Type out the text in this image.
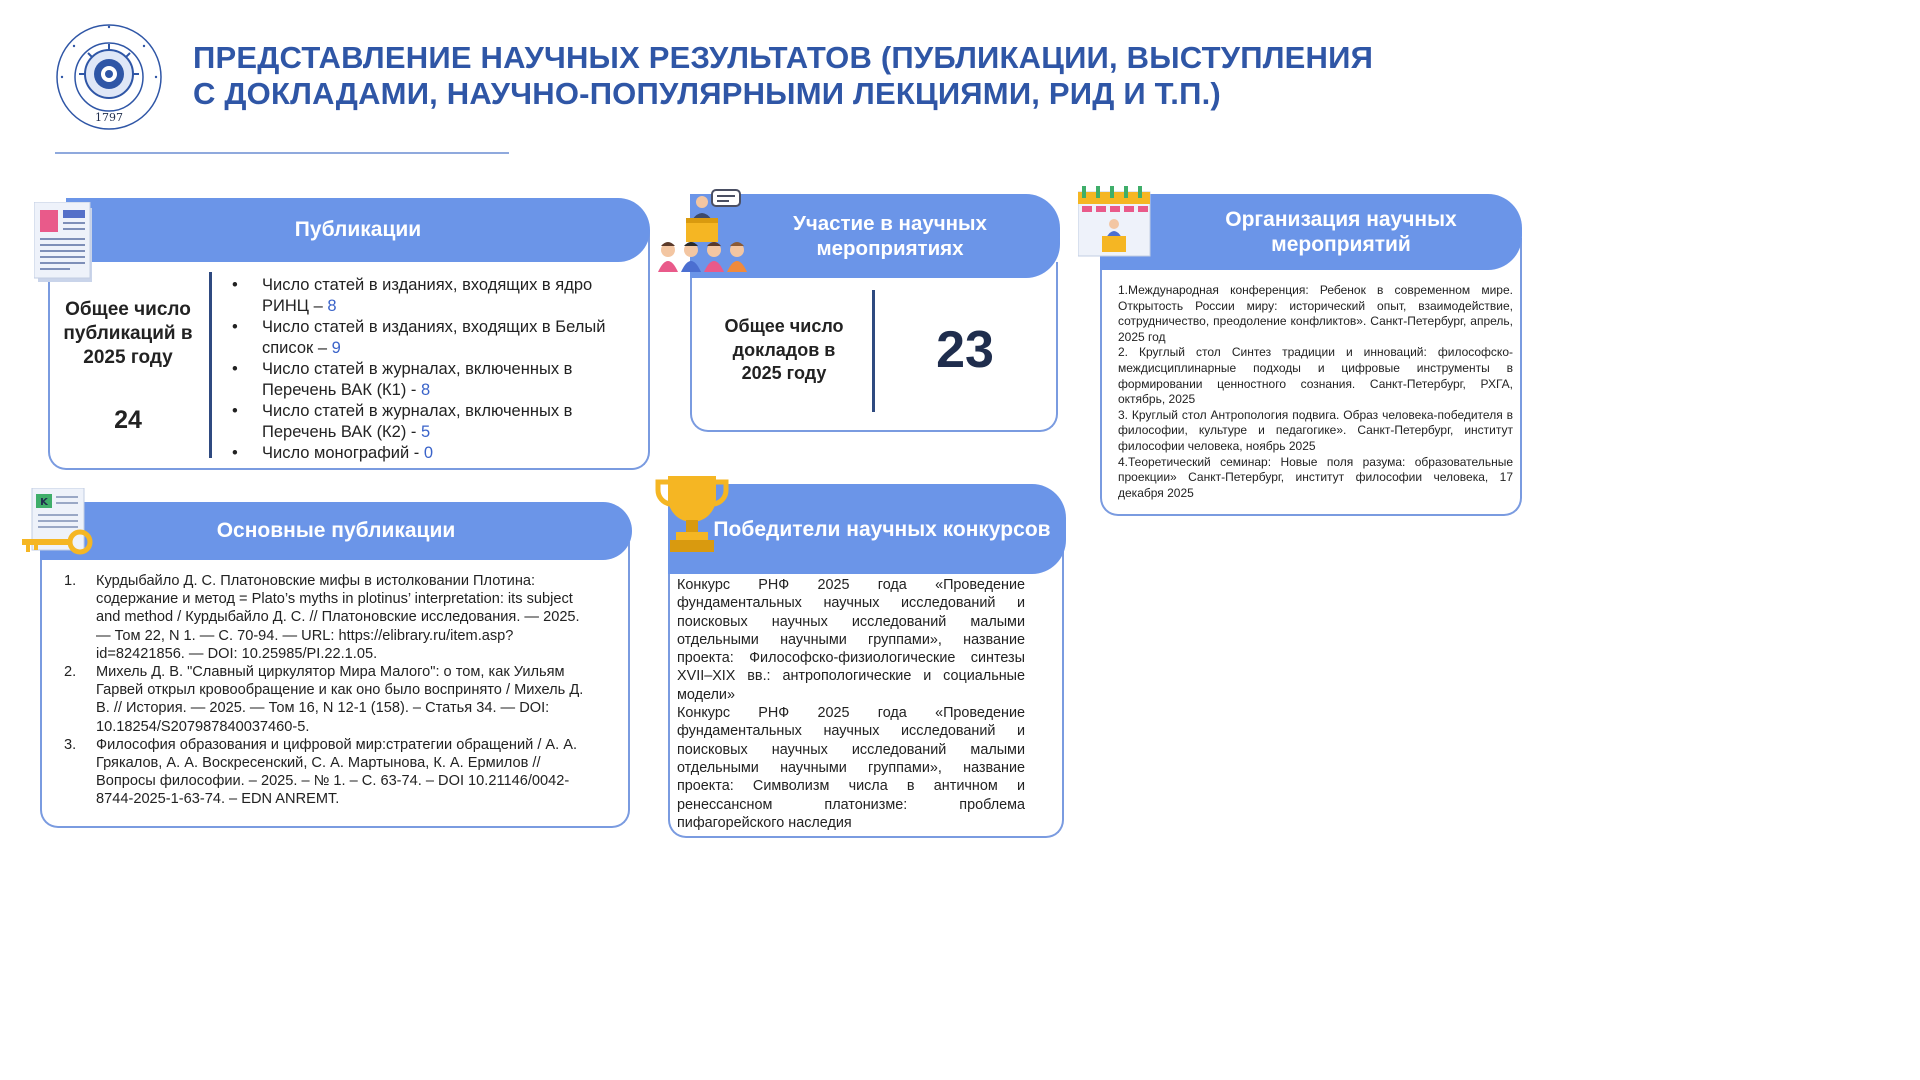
1797
ПРЕДСТАВЛЕНИЕ НАУЧНЫХ РЕЗУЛЬТАТОВ (ПУБЛИКАЦИИ, ВЫСТУПЛЕНИЯ
С ДОКЛАДАМИ, НАУЧНО-ПОПУЛЯРНЫМИ ЛЕКЦИЯМИ, РИД И Т.П.)
Публикации
Общее число публикаций в 2025 году
24
• Число статей в изданиях, входящих в ядро РИНЦ – 8
• Число статей в изданиях, входящих в Белый список – 9
• Число статей в журналах, включенных в Перечень ВАК (К1) - 8
• Число статей в журналах, включенных в Перечень ВАК (К2) - 5
• Число монографий - 0
Участие в научных мероприятиях
Общее число докладов в 2025 году	23
Организация научных мероприятий
1.Международная конференция: Ребенок в современном мире. Открытость России миру: исторический опыт, взаимодействие, сотрудничество, преодоление конфликтов». Санкт-Петербург, апрель, 2025 год
2. Круглый стол Синтез традиции и инноваций: философско-междисциплинарные подходы и цифровые инструменты в формировании ценностного сознания. Санкт-Петербург, РХГА, октябрь, 2025
3. Круглый стол Антропология подвига. Образ человека-победителя в философии, культуре и педагогике». Санкт-Петербург, институт философии человека, ноябрь 2025
4.Теоретический семинар: Новые поля разума: образовательные проекции» Санкт-Петербург, институт философии человека, 17 декабря 2025
Основные публикации
K
1. Курдыбайло Д. С. Платоновские мифы в истолковании Плотина: содержание и метод = Plato’s myths in plotinus’ interpretation: its subject and method / Курдыбайло Д. С. // Платоновские исследования. — 2025. — Том 22, N 1. — С. 70-94. — URL: https://elibrary.ru/item.asp?id=82421856. — DOI: 10.25985/PI.22.1.05.
2. Михель Д. В. "Славный циркулятор Мира Малого": о том, как Уильям Гарвей открыл кровообращение и как оно было воспринято / Михель Д. В. // История. — 2025. — Том 16, N 12-1 (158). – Статья 34. — DOI: 10.18254/S207987840037460-5.
3. Философия образования и цифровой мир:стратегии обращений / А. А. Грякалов, А. А. Воскресенский, С. А. Мартынова, К. А. Ермилов // Вопросы философии. – 2025. – № 1. – С. 63-74. – DOI 10.21146/0042-8744-2025-1-63-74. – EDN ANREMT.
Победители научных конкурсов
Конкурс РНФ 2025 года «Проведение фундаментальных научных исследований и поисковых научных исследований малыми отдельными научными группами», название проекта: Философско-физиологические синтезы XVII–XIX вв.: антропологические и социальные модели»
Конкурс РНФ 2025 года «Проведение фундаментальных научных исследований и поисковых научных исследований малыми отдельными научными группами», название проекта: Символизм числа в античном и ренессансном платонизме: проблема пифагорейского наследия
